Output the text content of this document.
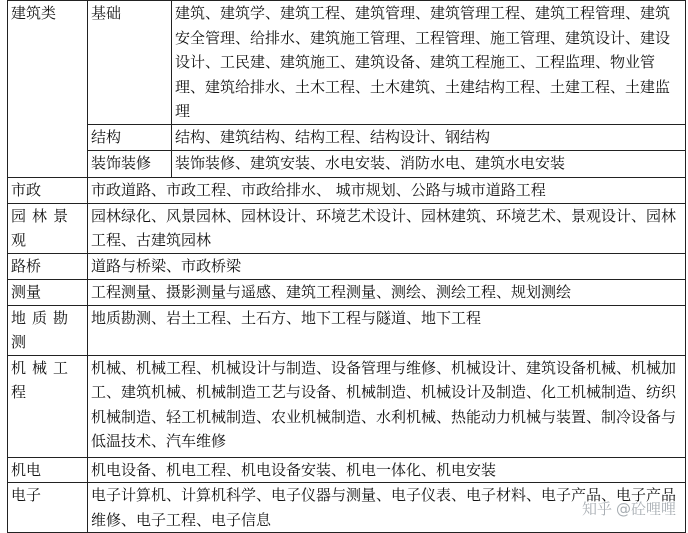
建筑类	基础	建筑、建筑学、建筑工程、建筑管理、建筑管理工程、建筑工程管理、建筑安全管理、给排水、建筑施工管理、工程管理、施工管理、建筑设计、建设设计、工民建、建筑施工、建筑设备、建筑工程施工、工程监理、物业管理、建筑给排水、土木工程、土木建筑、土建结构工程、土建工程、土建监理
	结构	结构、建筑结构、结构工程、结构设计、钢结构
	装饰装修	装饰装修、建筑安装、水电安装、消防水电、建筑水电安装
市政	市政道路、市政工程、市政给排水、 城市规划、公路与城市道路工程	
园林景观	园林绿化、风景园林、园林设计、环境艺术设计、园林建筑、环境艺术、景观设计、园林工程、古建筑园林	
路桥	道路与桥梁、市政桥梁	
测量	工程测量、摄影测量与遥感、建筑工程测量、测绘、测绘工程、规划测绘	
地质勘测	地质勘测、岩土工程、土石方、地下工程与隧道、地下工程	
机械工程	机械、机械工程、机械设计与制造、设备管理与维修、机械设计、建筑设备机械、机械加工、建筑机械、机械制造工艺与设备、机械制造、机械设计及制造、化工机械制造、纺织机械制造、轻工机械制造、农业机械制造、水利机械、热能动力机械与装置、制冷设备与低温技术、汽车维修	
机电	机电设备、机电工程、机电设备安装、机电一体化、机电安装	
电子	电子计算机、计算机科学、电子仪器与测量、电子仪表、电子材料、电子产品、电子产品维修、电子工程、电子信息	
知乎 @砼哩哩
